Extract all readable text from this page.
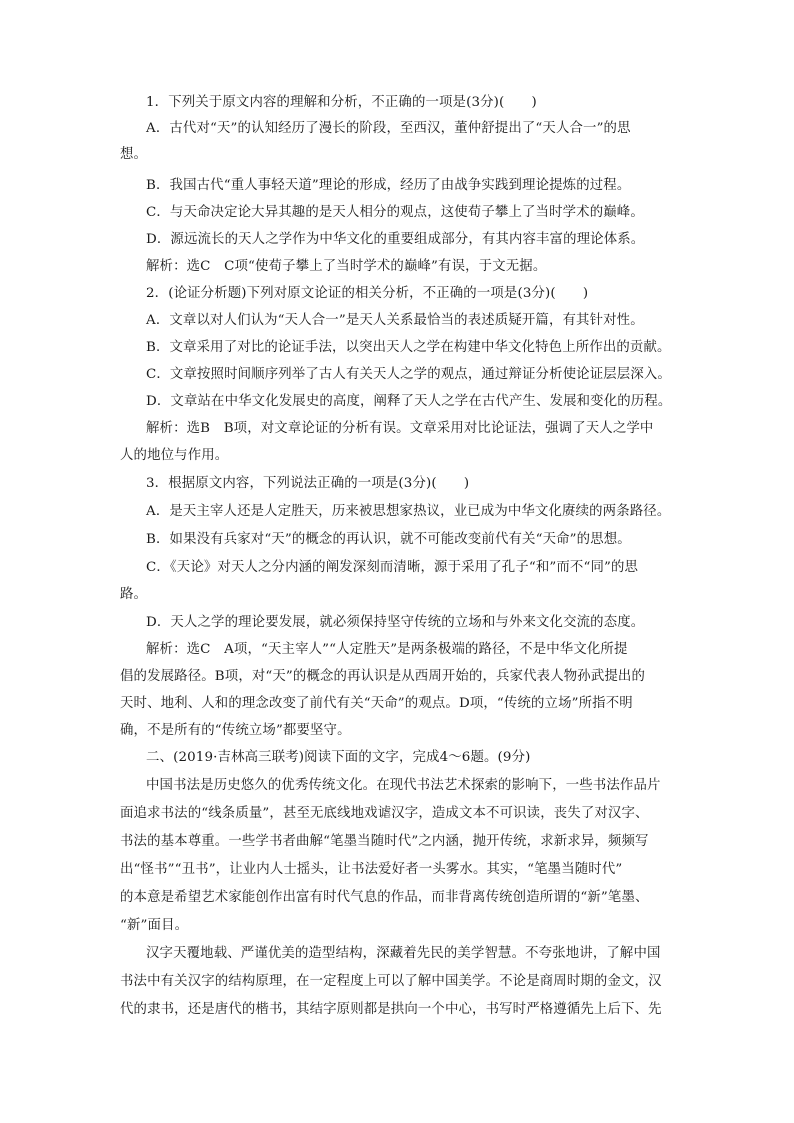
1．下列关于原文内容的理解和分析，不正确的一项是(3分)(　　)
A．古代对“天”的认知经历了漫长的阶段，至西汉，董仲舒提出了“天人合一”的思
想。
B．我国古代“重人事轻天道”理论的形成，经历了由战争实践到理论提炼的过程。
C．与天命决定论大异其趣的是天人相分的观点，这使荀子攀上了当时学术的巅峰。
D．源远流长的天人之学作为中华文化的重要组成部分，有其内容丰富的理论体系。
解析：选C　C项“使荀子攀上了当时学术的巅峰”有误，于文无据。
2．(论证分析题)下列对原文论证的相关分析，不正确的一项是(3分)(　　)
A．文章以对人们认为“天人合一”是天人关系最恰当的表述质疑开篇，有其针对性。
B．文章采用了对比的论证手法，以突出天人之学在构建中华文化特色上所作出的贡献。
C．文章按照时间顺序列举了古人有关天人之学的观点，通过辩证分析使论证层层深入。
D．文章站在中华文化发展史的高度，阐释了天人之学在古代产生、发展和变化的历程。
解析：选B　B项，对文章论证的分析有误。文章采用对比论证法，强调了天人之学中
人的地位与作用。
3．根据原文内容，下列说法正确的一项是(3分)(　　)
A．是天主宰人还是人定胜天，历来被思想家热议，业已成为中华文化赓续的两条路径。
B．如果没有兵家对“天”的概念的再认识，就不可能改变前代有关“天命”的思想。
C．《天论》对天人之分内涵的阐发深刻而清晰，源于采用了孔子“和”而不“同”的思
路。
D．天人之学的理论要发展，就必须保持坚守传统的立场和与外来文化交流的态度。
解析：选C　A项，“天主宰人”“人定胜天”是两条极端的路径，不是中华文化所提
倡的发展路径。B项，对“天”的概念的再认识是从西周开始的，兵家代表人物孙武提出的
天时、地利、人和的理念改变了前代有关“天命”的观点。D项，“传统的立场”所指不明
确，不是所有的“传统立场”都要坚守。
二、(2019·吉林高三联考)阅读下面的文字，完成4～6题。(9分)
中国书法是历史悠久的优秀传统文化。在现代书法艺术探索的影响下，一些书法作品片
面追求书法的“线条质量”，甚至无底线地戏谑汉字，造成文本不可识读，丧失了对汉字、
书法的基本尊重。一些学书者曲解“笔墨当随时代”之内涵，抛开传统，求新求异，频频写
出“怪书”“丑书”，让业内人士摇头，让书法爱好者一头雾水。其实，“笔墨当随时代”
的本意是希望艺术家能创作出富有时代气息的作品，而非背离传统创造所谓的“新”笔墨、
“新”面目。
汉字天覆地载、严谨优美的造型结构，深藏着先民的美学智慧。不夸张地讲，了解中国
书法中有关汉字的结构原理，在一定程度上可以了解中国美学。不论是商周时期的金文，汉
代的隶书，还是唐代的楷书，其结字原则都是拱向一个中心，书写时严格遵循先上后下、先
